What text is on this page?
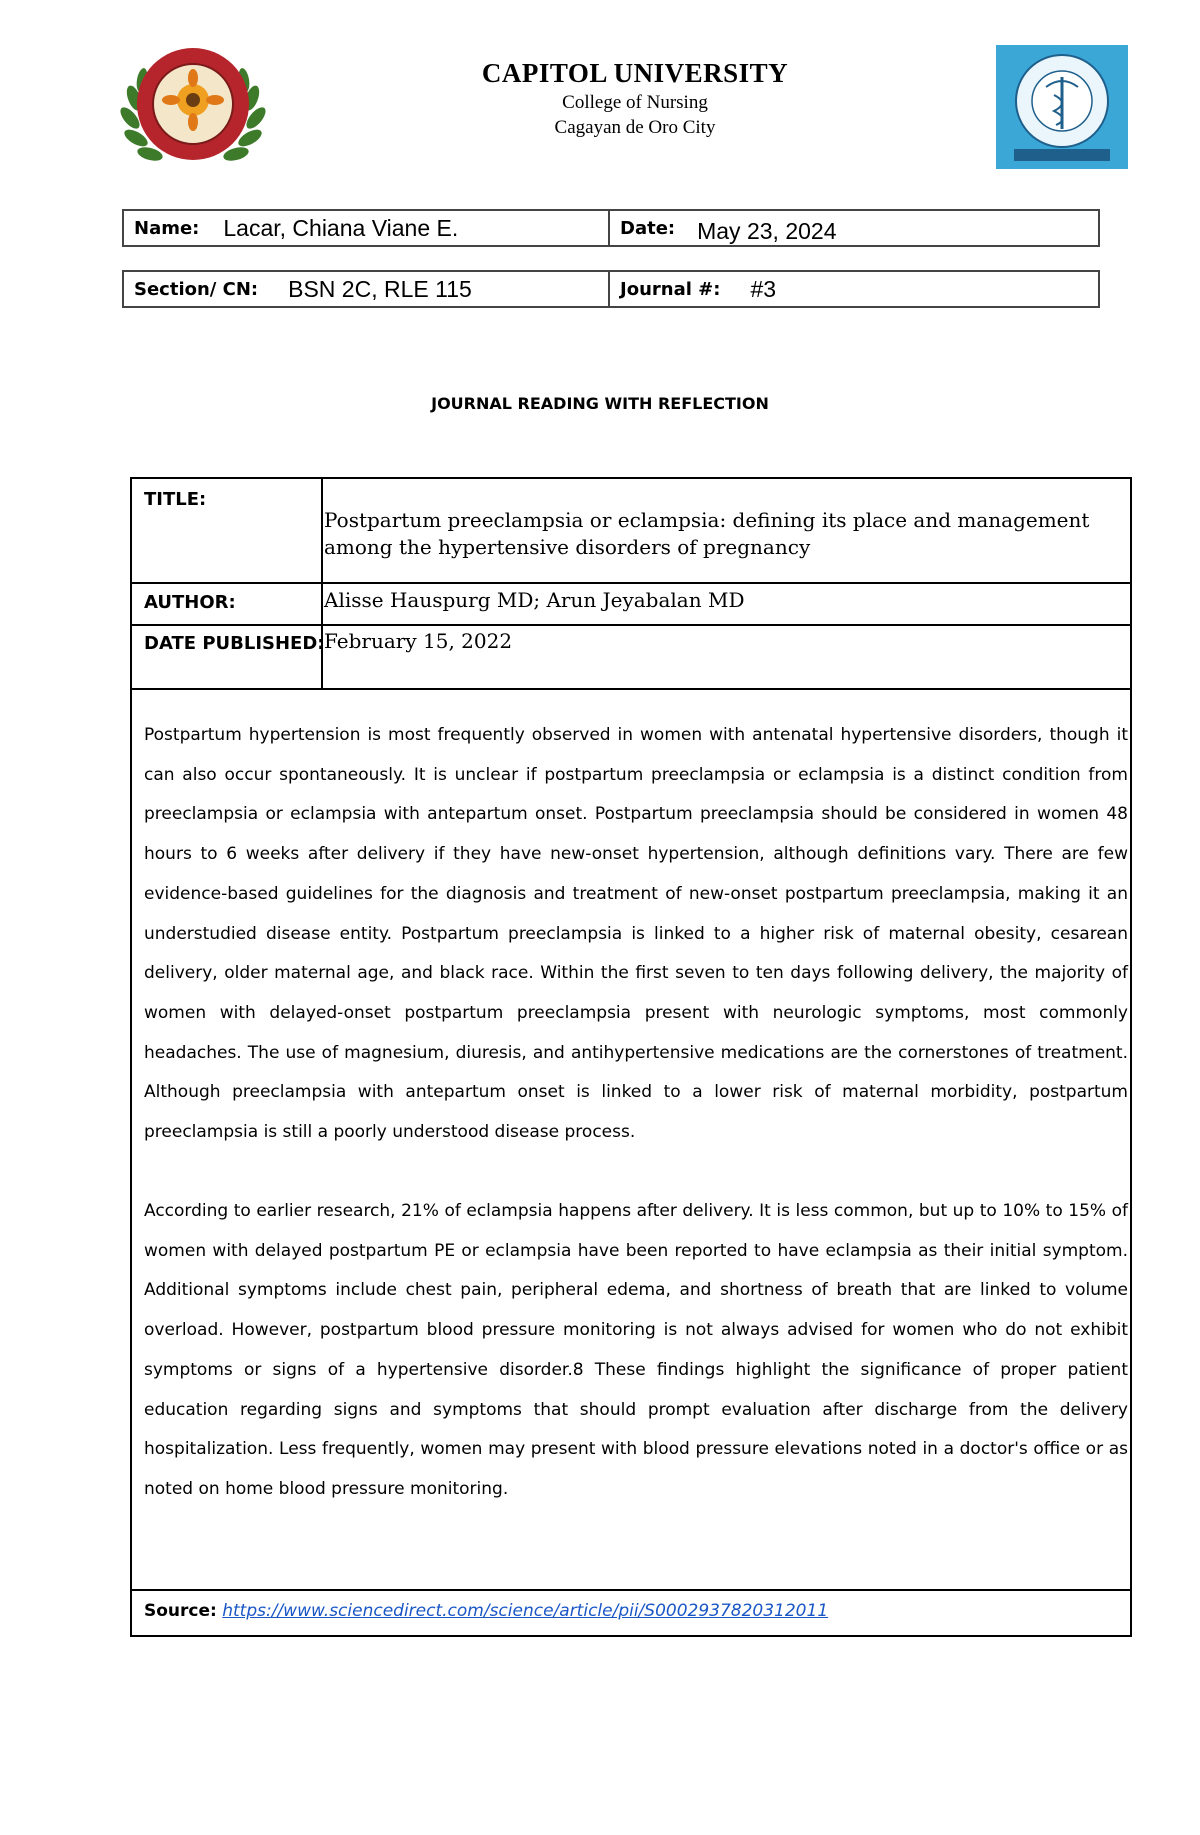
CAPITOL UNIVERSITY
College of Nursing
Cagayan de Oro City
Name: Lacar, Chiana Viane E.	Date: May 23, 2024
Section/ CN: BSN 2C, RLE 115	Journal #: #3
JOURNAL READING WITH REFLECTION
TITLE:
Postpartum preeclampsia or eclampsia: defining its place and management among the hypertensive disorders of pregnancy
AUTHOR:	Alisse Hauspurg MD; Arun Jeyabalan MD
DATE PUBLISHED: February 15, 2022
Postpartum hypertension is most frequently observed in women with antenatal hypertensive disorders, though it can also occur spontaneously. It is unclear if postpartum preeclampsia or eclampsia is a distinct condition from preeclampsia or eclampsia with antepartum onset. Postpartum preeclampsia should be considered in women 48 hours to 6 weeks after delivery if they have new-onset hypertension, although definitions vary. There are few evidence-based guidelines for the diagnosis and treatment of new-onset postpartum preeclampsia, making it an understudied disease entity. Postpartum preeclampsia is linked to a higher risk of maternal obesity, cesarean delivery, older maternal age, and black race. Within the first seven to ten days following delivery, the majority of women with delayed-onset postpartum preeclampsia present with neurologic symptoms, most commonly headaches. The use of magnesium, diuresis, and antihypertensive medications are the cornerstones of treatment. Although preeclampsia with antepartum onset is linked to a lower risk of maternal morbidity, postpartum preeclampsia is still a poorly understood disease process.
According to earlier research, 21% of eclampsia happens after delivery. It is less common, but up to 10% to 15% of women with delayed postpartum PE or eclampsia have been reported to have eclampsia as their initial symptom. Additional symptoms include chest pain, peripheral edema, and shortness of breath that are linked to volume overload. However, postpartum blood pressure monitoring is not always advised for women who do not exhibit symptoms or signs of a hypertensive disorder.8 These findings highlight the significance of proper patient education regarding signs and symptoms that should prompt evaluation after discharge from the delivery hospitalization. Less frequently, women may present with blood pressure elevations noted in a doctor's office or as noted on home blood pressure monitoring.
Source: https://www.sciencedirect.com/science/article/pii/S0002937820312011
